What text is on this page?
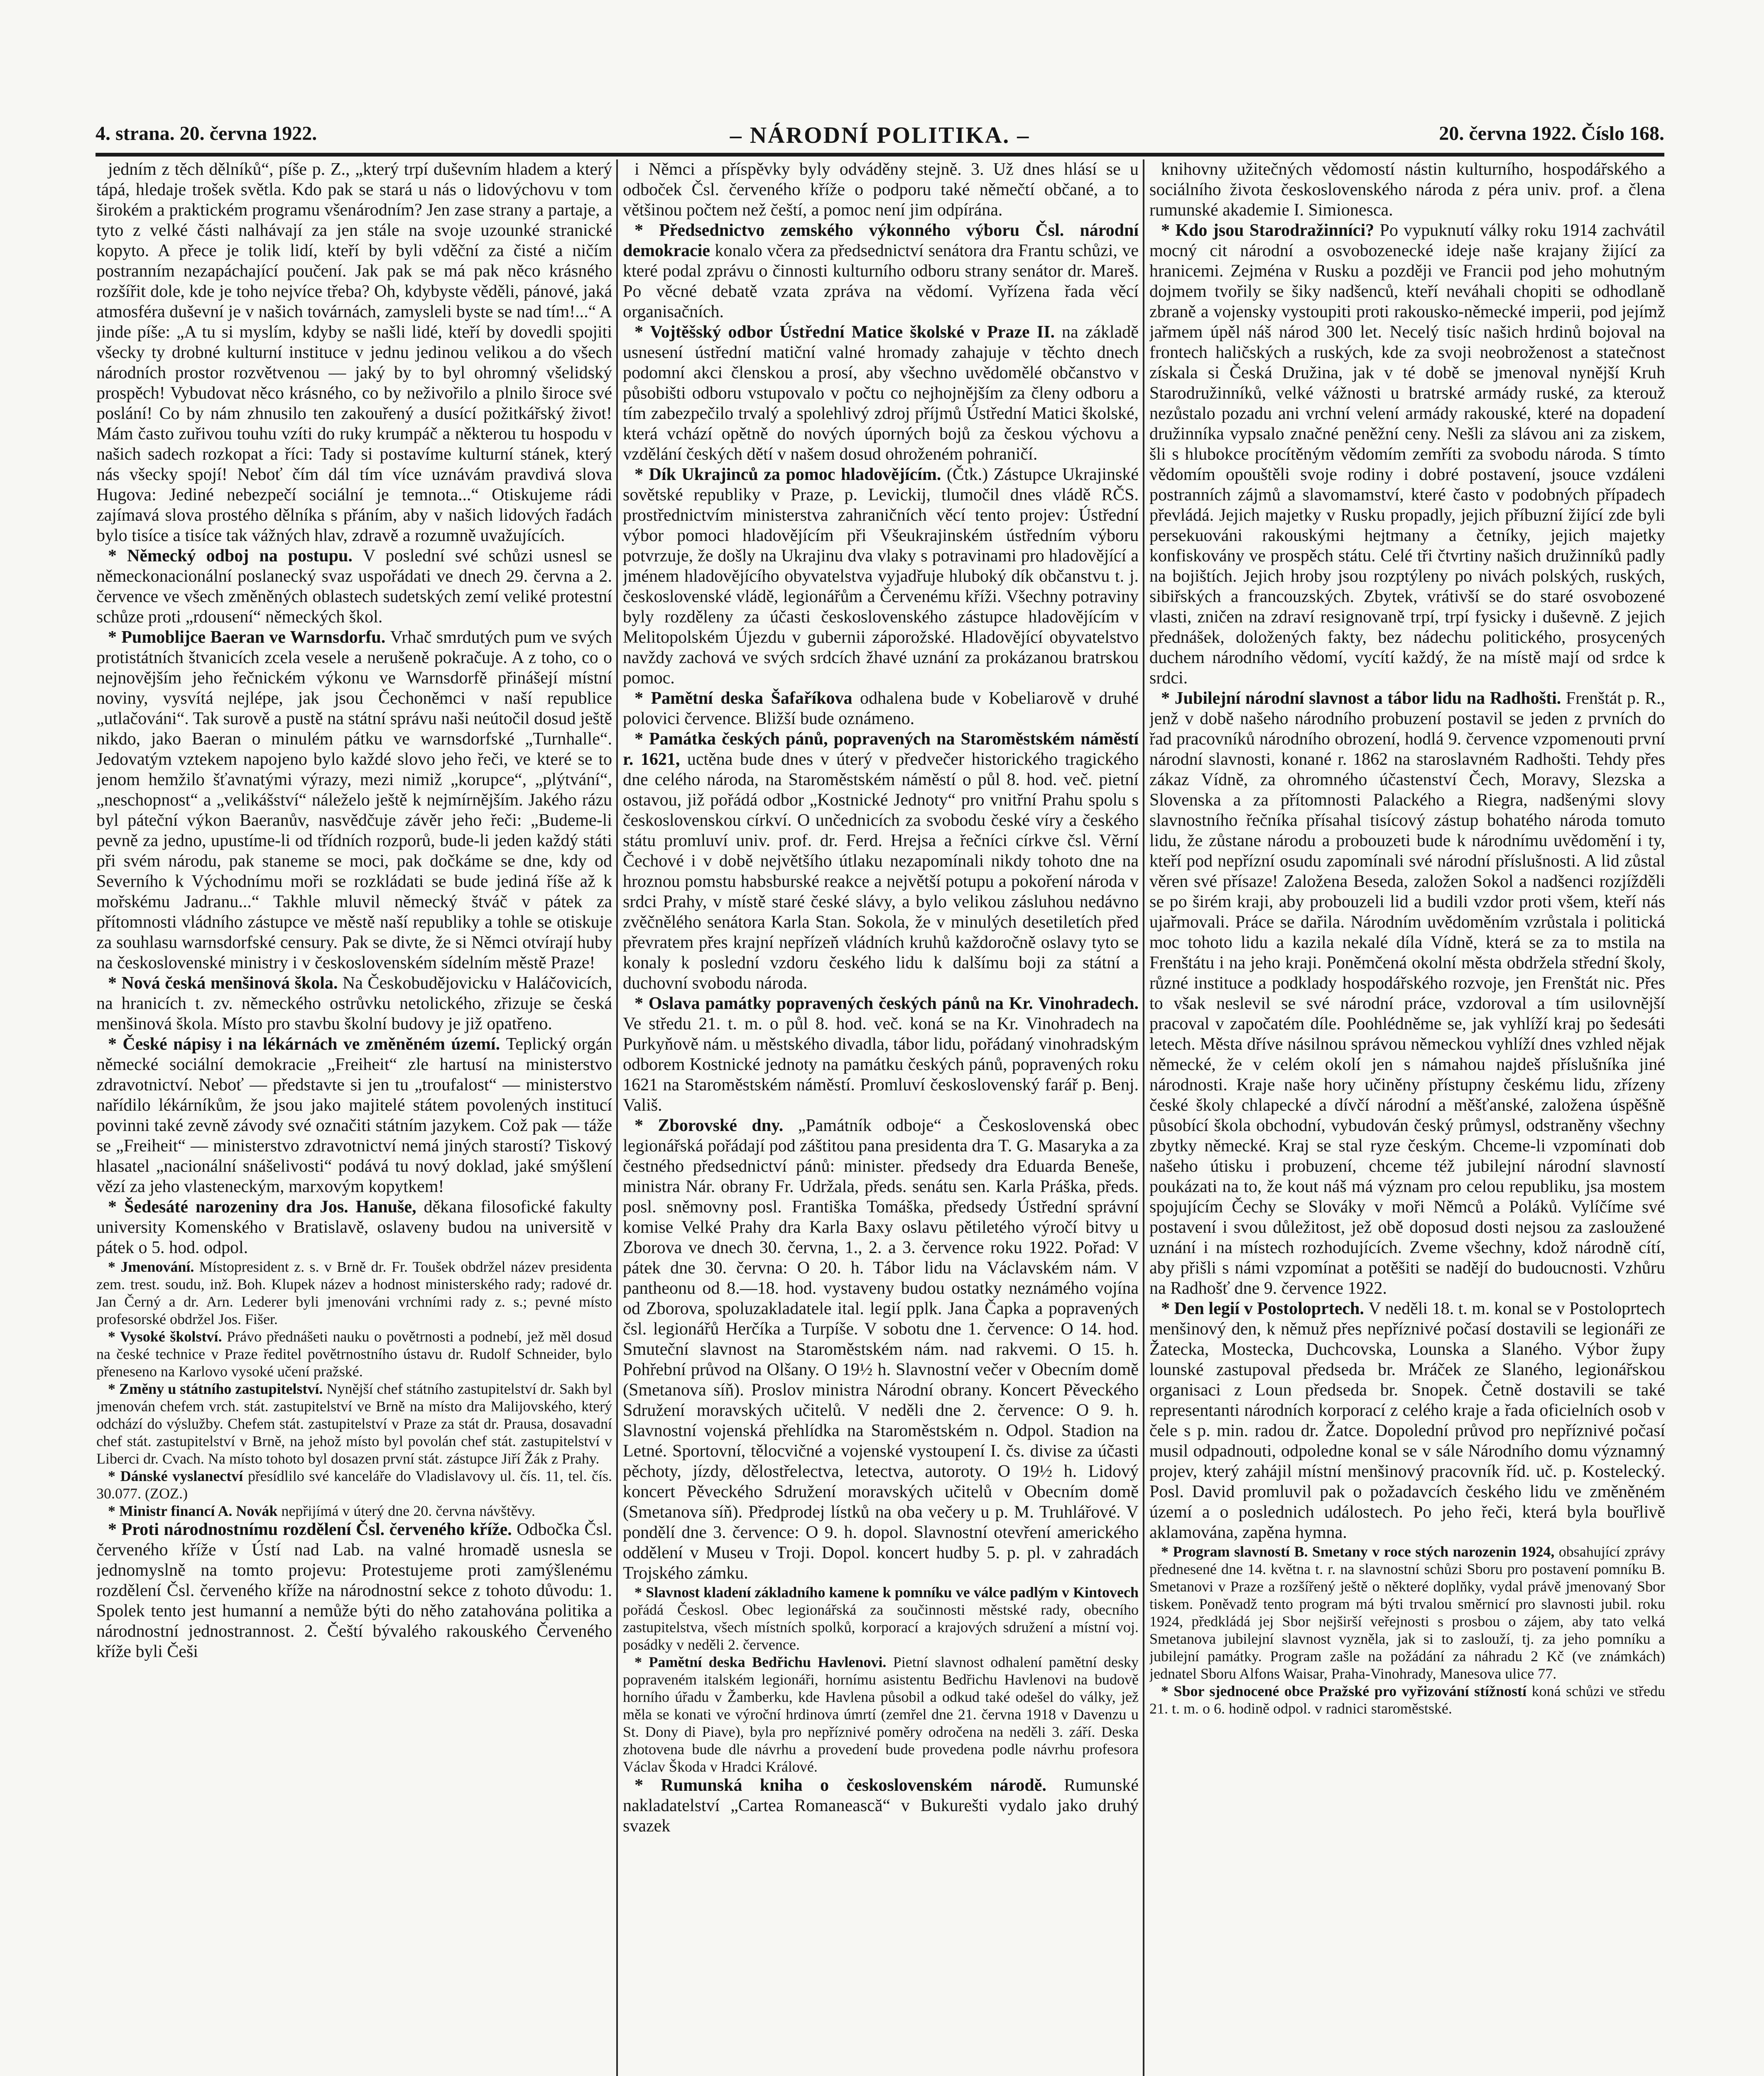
4. strana. 20. června 1922.	– NÁRODNÍ POLITIKA. –	20. června 1922. Číslo 168.

jedním z těch dělníků“, píše p. Z., „který trpí duševním hladem a který tápá, hledaje trošek světla. Kdo pak se stará u nás o lidovýchovu v tom širokém a praktickém programu všenárodním? Jen zase strany a partaje, a tyto z velké části nalhávají za jen stále na svoje uzounké stranické kopyto. A přece je tolik lidí, kteří by byli vděční za čisté a ničím postranním nezapáchající poučení. Jak pak se má pak něco krásného rozšířit dole, kde je toho nejvíce třeba? Oh, kdybyste věděli, pánové, jaká atmosféra duševní je v našich továrnách, zamysleli byste se nad tím!...“ A jinde píše: „A tu si myslím, kdyby se našli lidé, kteří by dovedli spojiti všecky ty drobné kulturní instituce v jednu jedinou velikou a do všech národních prostor rozvětvenou — jaký by to byl ohromný všelidský prospěch! Vybudovat něco krásného, co by neživořilo a plnilo široce své poslání! Co by nám zhnusilo ten zakouřený a dusící požitkářský život! Mám často zuřivou touhu vzíti do ruky krumpáč a některou tu hospodu v našich sadech rozkopat a říci: Tady si postavíme kulturní stánek, který nás všecky spojí! Neboť čím dál tím více uznávám pravdivá slova Hugova: Jediné nebezpečí sociální je temnota...“ Otiskujeme rádi zajímavá slova prostého dělníka s přáním, aby v našich lidových řadách bylo tisíce a tisíce tak vážných hlav, zdravě a rozumně uvažujících.

* Německý odboj na postupu. V poslední své schůzi usnesl se německonacionální poslanecký svaz uspořádati ve dnech 29. června a 2. července ve všech změněných oblastech sudetských zemí veliké protestní schůze proti „rdousení“ německých škol.

* Pumoblijce Baeran ve Warnsdorfu. Vrhač smrdutých pum ve svých protistátních štvanicích zcela vesele a nerušeně pokračuje. A z toho, co o nejnovějším jeho řečnickém výkonu ve Warnsdorfě přinášejí místní noviny, vysvítá nejlépe, jak jsou Čechoněmci v naší republice „utlačováni“. Tak surově a pustě na státní správu naši neútočil dosud ještě nikdo, jako Baeran o minulém pátku ve warnsdorfské „Turnhalle“. Jedovatým vztekem napojeno bylo každé slovo jeho řeči, ve které se to jenom hemžilo šťavnatými výrazy, mezi nimiž „korupce“, „plýtvání“, „neschopnost“ a „velikášství“ náleželo ještě k nejmírnějším. Jakého rázu byl páteční výkon Baeranův, nasvědčuje závěr jeho řeči: „Budeme-li pevně za jedno, upustíme-li od třídních rozporů, bude-li jeden každý státi při svém národu, pak staneme se moci, pak dočkáme se dne, kdy od Severního k Východnímu moři se rozkládati se bude jediná říše až k mořskému Jadranu...“ Takhle mluvil německý štváč v pátek za přítomnosti vládního zástupce ve městě naší republiky a tohle se otiskuje za souhlasu warnsdorfské censury. Pak se divte, že si Němci otvírají huby na československé ministry i v československém sídelním městě Praze!

* Nová česká menšinová škola. Na Českobudějovicku v Haláčovicích, na hranicích t. zv. německého ostrůvku netolického, zřizuje se česká menšinová škola. Místo pro stavbu školní budovy je již opatřeno.

* České nápisy i na lékárnách ve změněném území. Teplický orgán německé sociální demokracie „Freiheit“ zle hartusí na ministerstvo zdravotnictví. Neboť — představte si jen tu „troufalost“ — ministerstvo nařídilo lékárníkům, že jsou jako majitelé státem povolených institucí povinni také zevně závody své označiti státním jazykem. Což pak — táže se „Freiheit“ — ministerstvo zdravotnictví nemá jiných starostí? Tiskový hlasatel „nacionální snášelivosti“ podává tu nový doklad, jaké smýšlení vězí za jeho vlasteneckým, marxovým kopytkem!

* Šedesáté narozeniny dra Jos. Hanuše, děkana filosofické fakulty university Komenského v Bratislavě, oslaveny budou na universitě v pátek o 5. hod. odpol.

* Jmenování. Místopresident z. s. v Brně dr. Fr. Toušek obdržel název presidenta zem. trest. soudu, inž. Boh. Klupek název a hodnost ministerského rady; radové dr. Jan Černý a dr. Arn. Lederer byli jmenováni vrchními rady z. s.; pevné místo profesorské obdržel Jos. Fišer.

* Vysoké školství. Právo přednášeti nauku o povětrnosti a podnebí, jež měl dosud na české technice v Praze ředitel povětrnostního ústavu dr. Rudolf Schneider, bylo přeneseno na Karlovo vysoké učení pražské.

* Změny u státního zastupitelství. Nynější chef státního zastupitelství dr. Sakh byl jmenován chefem vrch. stát. zastupitelství ve Brně na místo dra Malijovského, který odchází do výslužby. Chefem stát. zastupitelství v Praze za stát dr. Prausa, dosavadní chef stát. zastupitelství v Brně, na jehož místo byl povolán chef stát. zastupitelství v Liberci dr. Cvach. Na místo tohoto byl dosazen první stát. zástupce Jiří Žák z Prahy.

* Dánské vyslanectví přesídlilo své kanceláře do Vladislavovy ul. čís. 11, tel. čís. 30.077. (ZOZ.)

* Ministr financí A. Novák nepřijímá v úterý dne 20. června návštěvy.

* Proti národnostnímu rozdělení Čsl. červeného kříže. Odbočka Čsl. červeného kříže v Ústí nad Lab. na valné hromadě usnesla se jednomyslně na tomto projevu: Protestujeme proti zamýšlenému rozdělení Čsl. červeného kříže na národnostní sekce z tohoto důvodu: 1. Spolek tento jest humanní a nemůže býti do něho zatahována politika a národnostní jednostrannost. 2. Čeští bývalého rakouského Červeného kříže byli Češi

i Němci a příspěvky byly odváděny stejně. 3. Už dnes hlásí se u odboček Čsl. červeného kříže o podporu také němečtí občané, a to většinou počtem než čeští, a pomoc není jim odpírána.

* Předsednictvo zemského výkonného výboru Čsl. národní demokracie konalo včera za předsednictví senátora dra Frantu schůzi, ve které podal zprávu o činnosti kulturního odboru strany senátor dr. Mareš. Po věcné debatě vzata zpráva na vědomí. Vyřízena řada věcí organisačních.

* Vojtěšský odbor Ústřední Matice školské v Praze II. na základě usnesení ústřední matiční valné hromady zahajuje v těchto dnech podomní akci členskou a prosí, aby všechno uvědomělé občanstvo v působišti odboru vstupovalo v počtu co nejhojnějším za členy odboru a tím zabezpečilo trvalý a spolehlivý zdroj příjmů Ústřední Matici školské, která vchází opětně do nových úporných bojů za českou výchovu a vzdělání českých dětí v našem dosud ohroženém pohraničí.

* Dík Ukrajinců za pomoc hladovějícím. (Čtk.) Zástupce Ukrajinské sovětské republiky v Praze, p. Levickij, tlumočil dnes vládě RČS. prostřednictvím ministerstva zahraničních věcí tento projev: Ústřední výbor pomoci hladovějícím při Všeukrajinském ústředním výboru potvrzuje, že došly na Ukrajinu dva vlaky s potravinami pro hladovějící a jménem hladovějícího obyvatelstva vyjadřuje hluboký dík občanstvu t. j. československé vládě, legionářům a Červenému kříži. Všechny potraviny byly rozděleny za účasti československého zástupce hladovějícím v Melitopolském Újezdu v gubernii záporožské. Hladovějící obyvatelstvo navždy zachová ve svých srdcích žhavé uznání za prokázanou bratrskou pomoc.

* Pamětní deska Šafaříkova odhalena bude v Kobeliarově v druhé polovici července. Bližší bude oznámeno.

* Památka českých pánů, popravených na Staroměstském náměstí r. 1621, uctěna bude dnes v úterý v předvečer historického tragického dne celého národa, na Staroměstském náměstí o půl 8. hod. več. pietní ostavou, již pořádá odbor „Kostnické Jednoty“ pro vnitřní Prahu spolu s československou církví. O unčednicích za svobodu české víry a českého státu promluví univ. prof. dr. Ferd. Hrejsa a řečníci církve čsl. Věrní Čechové i v době největšího útlaku nezapomínali nikdy tohoto dne na hroznou pomstu habsburské reakce a největší potupu a pokoření národa v srdci Prahy, v místě staré české slávy, a bylo velikou zásluhou nedávno zvěčnělého senátora Karla Stan. Sokola, že v minulých desetiletích před převratem přes krajní nepřízeň vládních kruhů každoročně oslavy tyto se konaly k poslední vzdoru českého lidu k dalšímu boji za státní a duchovní svobodu národa.

* Oslava památky popravených českých pánů na Kr. Vinohradech. Ve středu 21. t. m. o půl 8. hod. več. koná se na Kr. Vinohradech na Purkyňově nám. u městského divadla, tábor lidu, pořádaný vinohradským odborem Kostnické jednoty na památku českých pánů, popravených roku 1621 na Staroměstském náměstí. Promluví československý farář p. Benj. Vališ.

* Zborovské dny. „Památník odboje“ a Československá obec legionářská pořádají pod záštitou pana presidenta dra T. G. Masaryka a za čestného předsednictví pánů: minister. předsedy dra Eduarda Beneše, ministra Nár. obrany Fr. Udržala, předs. senátu sen. Karla Práška, předs. posl. sněmovny posl. Františka Tomáška, předsedy Ústřední správní komise Velké Prahy dra Karla Baxy oslavu pětiletého výročí bitvy u Zborova ve dnech 30. června, 1., 2. a 3. července roku 1922. Pořad: V pátek dne 30. června: O 20. h. Tábor lidu na Václavském nám. V pantheonu od 8.—18. hod. vystaveny budou ostatky neznámého vojína od Zborova, spoluzakladatele ital. legií pplk. Jana Čapka a popravených čsl. legionářů Herčíka a Turpíše. V sobotu dne 1. července: O 14. hod. Smuteční slavnost na Staroměstském nám. nad rakvemi. O 15. h. Pohřební průvod na Olšany. O 19½ h. Slavnostní večer v Obecním domě (Smetanova síň). Proslov ministra Národní obrany. Koncert Pěveckého Sdružení moravských učitelů. V neděli dne 2. července: O 9. h. Slavnostní vojenská přehlídka na Staroměstském n. Odpol. Stadion na Letné. Sportovní, tělocvičné a vojenské vystoupení I. čs. divise za účasti pěchoty, jízdy, dělostřelectva, letectva, autoroty. O 19½ h. Lidový koncert Pěveckého Sdružení moravských učitelů v Obecním domě (Smetanova síň). Předprodej lístků na oba večery u p. M. Truhlářové. V pondělí dne 3. července: O 9. h. dopol. Slavnostní otevření amerického oddělení v Museu v Troji. Dopol. koncert hudby 5. p. pl. v zahradách Trojského zámku.

* Slavnost kladení základního kamene k pomníku ve válce padlým v Kintovech pořádá Českosl. Obec legionářská za součinnosti městské rady, obecního zastupitelstva, všech místních spolků, korporací a krajových sdružení a místní voj. posádky v neděli 2. července.

* Pamětní deska Bedřichu Havlenovi. Pietní slavnost odhalení pamětní desky popraveném italském legionáři, hornímu asistentu Bedřichu Havlenovi na budově horního úřadu v Žamberku, kde Havlena působil a odkud také odešel do války, jež měla se konati ve výroční hrdinova úmrtí (zemřel dne 21. června 1918 v Davenzu u St. Dony di Piave), byla pro nepříznivé poměry odročena na neděli 3. září. Deska zhotovena bude dle návrhu a provedení bude provedena podle návrhu profesora Václav Škoda v Hradci Králové.

* Rumunská kniha o československém národě. Rumunské nakladatelství „Cartea Romanească“ v Bukurešti vydalo jako druhý svazek

knihovny užitečných vědomostí nástin kulturního, hospodářského a sociálního života československého národa z péra univ. prof. a člena rumunské akademie I. Simionesca.

* Kdo jsou Starodražinníci? Po vypuknutí války roku 1914 zachvátil mocný cit národní a osvobozenecké ideje naše krajany žijící za hranicemi. Zejména v Rusku a později ve Francii pod jeho mohutným dojmem tvořily se šiky nadšenců, kteří neváhali chopiti se odhodlaně zbraně a vojensky vystoupiti proti rakousko-německé imperii, pod jejímž jařmem úpěl náš národ 300 let. Necelý tisíc našich hrdinů bojoval na frontech haličských a ruských, kde za svoji neobroženost a statečnost získala si Česká Družina, jak v té době se jmenoval nynější Kruh Starodružinníků, velké vážnosti u bratrské armády ruské, za kterouž nezůstalo pozadu ani vrchní velení armády rakouské, které na dopadení družinníka vypsalo značné peněžní ceny. Nešli za slávou ani za ziskem, šli s hlubokce procítěným vědomím zemříti za svobodu národa. S tímto vědomím opouštěli svoje rodiny i dobré postavení, jsouce vzdáleni postranních zájmů a slavomamství, které často v podobných případech převládá. Jejich majetky v Rusku propadly, jejich příbuzní žijící zde byli persekuováni rakouskými hejtmany a četníky, jejich majetky konfiskovány ve prospěch státu. Celé tři čtvrtiny našich družinníků padly na bojištích. Jejich hroby jsou rozptýleny po nivách polských, ruských, sibiřských a francouzských. Zbytek, vrátivší se do staré osvobozené vlasti, zničen na zdraví resignovaně trpí, trpí fysicky i duševně. Z jejich přednášek, doložených fakty, bez nádechu politického, prosycených duchem národního vědomí, vycítí každý, že na místě mají od srdce k srdci.

* Jubilejní národní slavnost a tábor lidu na Radhošti. Frenštát p. R., jenž v době našeho národního probuzení postavil se jeden z prvních do řad pracovníků národního obrození, hodlá 9. července vzpomenouti první národní slavnosti, konané r. 1862 na staroslavném Radhošti. Tehdy přes zákaz Vídně, za ohromného účastenství Čech, Moravy, Slezska a Slovenska a za přítomnosti Palackého a Riegra, nadšenými slovy slavnostního řečníka přísahal tisícový zástup bohatého národa tomuto lidu, že zůstane národu a probouzeti bude k národnímu uvědomění i ty, kteří pod nepřízní osudu zapomínali své národní příslušnosti. A lid zůstal věren své přísaze! Založena Beseda, založen Sokol a nadšenci rozjížděli se po širém kraji, aby probouzeli lid a budili vzdor proti všem, kteří nás ujařmovali. Práce se dařila. Národním uvědoměním vzrůstala i politická moc tohoto lidu a kazila nekalé díla Vídně, která se za to mstila na Frenštátu i na jeho kraji. Poněmčená okolní města obdržela střední školy, různé instituce a podklady hospodářského rozvoje, jen Frenštát nic. Přes to však neslevil se své národní práce, vzdoroval a tím usilovnější pracoval v započatém díle. Poohlédněme se, jak vyhlíží kraj po šedesáti letech. Města dříve násilnou správou německou vyhlíží dnes vzhled nějak německé, že v celém okolí jen s námahou najdeš příslušníka jiné národnosti. Kraje naše hory učiněny přístupny českému lidu, zřízeny české školy chlapecké a dívčí národní a měšťanské, založena úspěšně působící škola obchodní, vybudován český průmysl, odstraněny všechny zbytky německé. Kraj se stal ryze českým. Chceme-li vzpomínati dob našeho útisku i probuzení, chceme též jubilejní národní slavností poukázati na to, že kout náš má význam pro celou republiku, jsa mostem spojujícím Čechy se Slováky v moři Němců a Poláků. Vylíčíme své postavení i svou důležitost, jež obě doposud dosti nejsou za zasloužené uznání i na místech rozhodujících. Zveme všechny, kdož národně cítí, aby přišli s námi vzpomínat a potěšiti se nadějí do budoucnosti. Vzhůru na Radhošť dne 9. července 1922.

* Den legií v Postoloprtech. V neděli 18. t. m. konal se v Postoloprtech menšinový den, k němuž přes nepříznivé počasí dostavili se legionáři ze Žatecka, Mostecka, Duchcovska, Lounska a Slaného. Výbor župy lounské zastupoval předseda br. Mráček ze Slaného, legionářskou organisaci z Loun předseda br. Snopek. Četně dostavili se také representanti národních korporací z celého kraje a řada oficielních osob v čele s p. min. radou dr. Žatce. Dopolední průvod pro nepříznivé počasí musil odpadnouti, odpoledne konal se v sále Národního domu významný projev, který zahájil místní menšinový pracovník říd. uč. p. Kostelecký. Posl. David promluvil pak o požadavcích českého lidu ve změněném území a o poslednich událostech. Po jeho řeči, která byla bouřlivě aklamována, zapěna hymna.

* Program slavností B. Smetany v roce stých narozenin 1924, obsahující zprávy přednesené dne 14. května t. r. na slavnostní schůzi Sboru pro postavení pomníku B. Smetanovi v Praze a rozšířený ještě o některé doplňky, vydal právě jmenovaný Sbor tiskem. Poněvadž tento program má býti trvalou směrnicí pro slavnosti jubil. roku 1924, předkládá jej Sbor nejširší veřejnosti s prosbou o zájem, aby tato velká Smetanova jubilejní slavnost vyzněla, jak si to zaslouží, tj. za jeho pomníku a jubilejní památky. Program zašle na požádání za náhradu 2 Kč (ve známkách) jednatel Sboru Alfons Waisar, Praha-Vinohrady, Manesova ulice 77.

* Sbor sjednocené obce Pražské pro vyřizování stížností koná schůzi ve středu 21. t. m. o 6. hodině odpol. v radnici staroměstské.
